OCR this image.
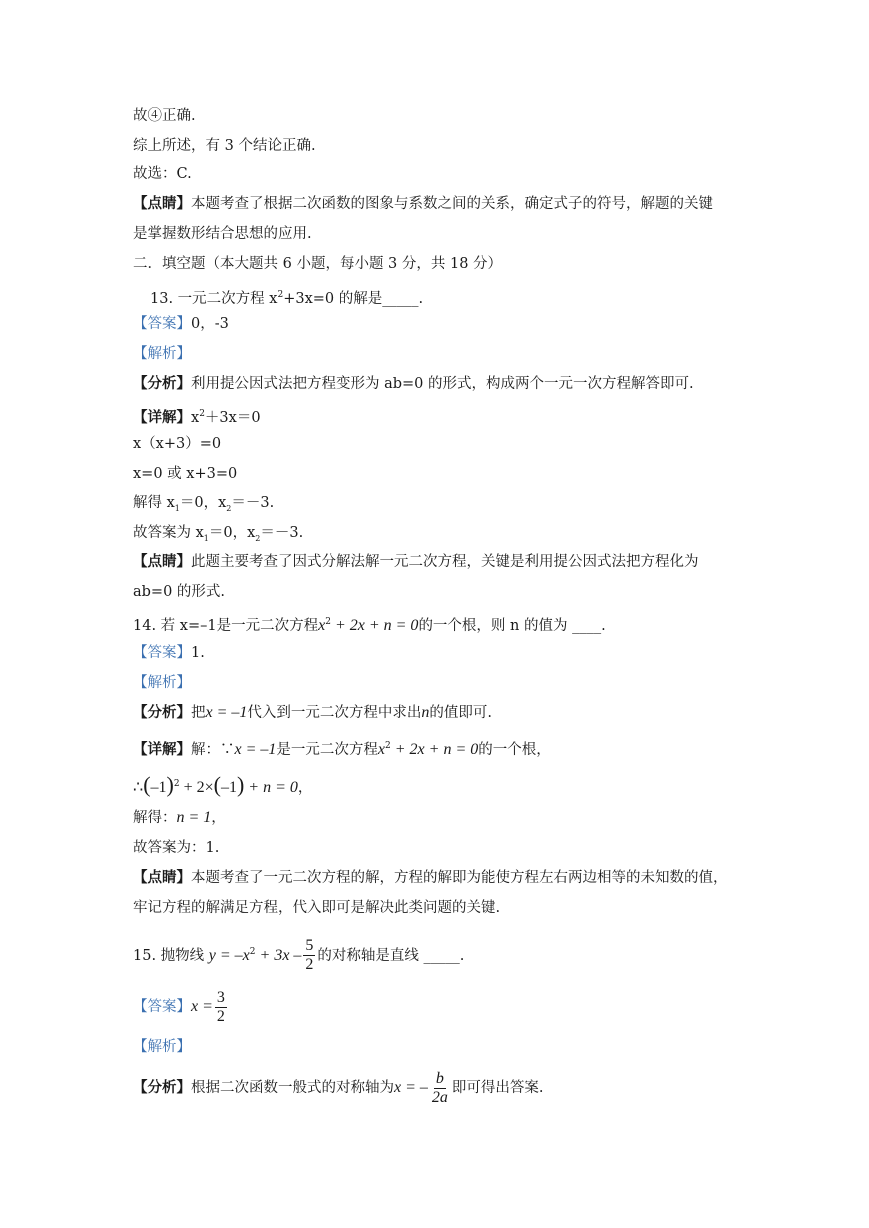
故④正确.
综上所述，有 3 个结论正确.
故选：C.
【点睛】本题考查了根据二次函数的图象与系数之间的关系，确定式子的符号，解题的关键
是掌握数形结合思想的应用.
二．填空题（本大题共 6 小题，每小题 3 分，共 18 分）
13. 一元二次方程 $x^2+3x=0$ 的解是_____.
【答案】0，-3
【解析】
【分析】利用提公因式法把方程变形为 ab=0 的形式，构成两个一元一次方程解答即可.
【详解】$x^2+3x=0$
x（x+3）=0
x=0 或 x+3=0
解得 $x_1=0$，$x_2=-3$.
故答案为 $x_1=0$，$x_2=-3$.
【点睛】此题主要考查了因式分解法解一元二次方程，关键是利用提公因式法把方程化为
ab=0 的形式.
14. 若 x=–1是一元二次方程$x^2 + 2x + n = 0$的一个根，则 n 的值为 ____.
【答案】1.
【解析】
【分析】把x = –1代入到一元二次方程中求出n的值即可.
【详解】解：∵x = –1是一元二次方程$x^2 + 2x + n = 0$的一个根，
$\therefore(-1)^2 + 2\times(-1) + n = 0$，
解得：n = 1，
故答案为：1.
【点睛】本题考查了一元二次方程的解，方程的解即为能使方程左右两边相等的未知数的值，
牢记方程的解满足方程，代入即可是解决此类问题的关键.
15. 抛物线 $y = -x^2 + 3x - \frac{5}{2}$ 的对称轴是直线 _____.
【答案】$x = \frac{3}{2}$
【解析】
【分析】根据二次函数一般式的对称轴为x = – $\frac{b}{2a}$ 即可得出答案.
